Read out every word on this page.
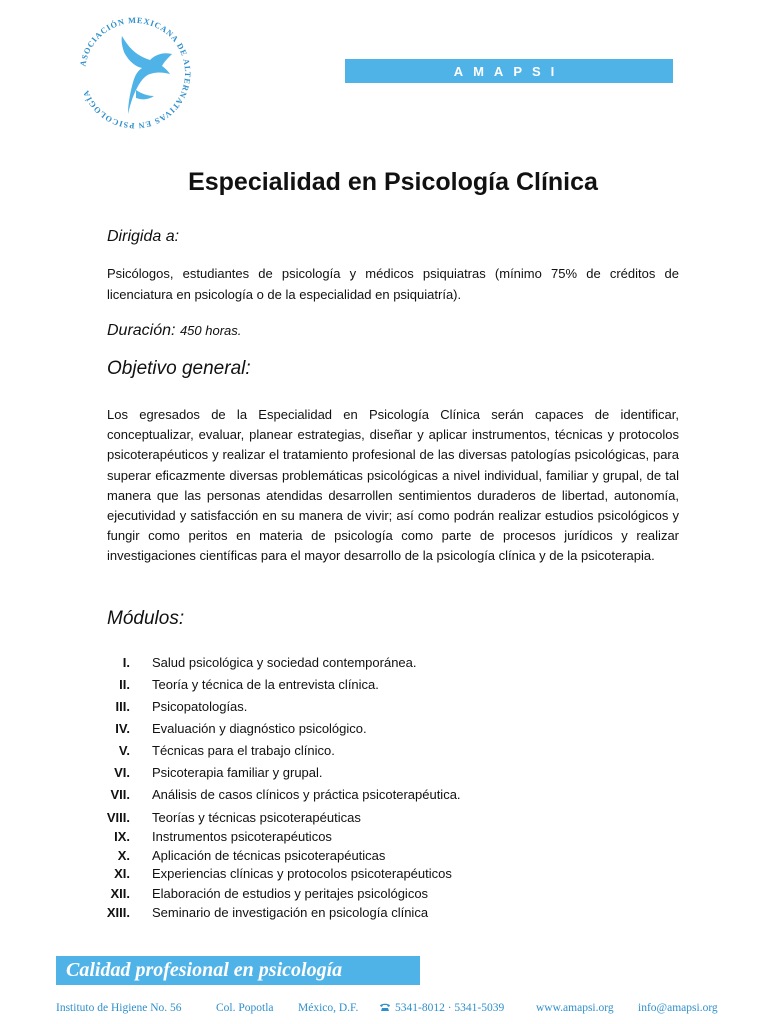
ASOCIACIÓN MEXICANA DE ALTERNATIVAS EN PSICOLOGÍA
AMAPSI
Especialidad en Psicología Clínica
Dirigida a:

Psicólogos, estudiantes de psicología y médicos psiquiatras (mínimo 75% de créditos de licenciatura en psicología o de la especialidad en psiquiatría).

Duración: 450 horas.
Objetivo general:

Los egresados de la Especialidad en Psicología Clínica serán capaces de identificar, conceptualizar, evaluar, planear estrategias, diseñar y aplicar instrumentos, técnicas y protocolos psicoterapéuticos y realizar el tratamiento profesional de las diversas patologías psicológicas, para superar eficazmente diversas problemáticas psicológicas a nivel individual, familiar y grupal, de tal manera que las personas atendidas desarrollen sentimientos duraderos de libertad, autonomía, ejecutividad y satisfacción en su manera de vivir; así como podrán realizar estudios psicológicos y fungir como peritos en materia de psicología como parte de procesos jurídicos y realizar investigaciones científicas para el mayor desarrollo de la psicología clínica y de la psicoterapia.

Módulos:
I. Salud psicológica y sociedad contemporánea.
II. Teoría y técnica de la entrevista clínica.
III. Psicopatologías.
IV. Evaluación y diagnóstico psicológico.
V. Técnicas para el trabajo clínico.
VI. Psicoterapia familiar y grupal.
VII. Análisis de casos clínicos y práctica psicoterapéutica.
VIII. Teorías y técnicas psicoterapéuticas
IX. Instrumentos psicoterapéuticos
X. Aplicación de técnicas psicoterapéuticas
XI. Experiencias clínicas y protocolos psicoterapéuticos
XII. Elaboración de estudios y peritajes psicológicos
XIII. Seminario de investigación en psicología clínica
Calidad profesional en psicología
Instituto de Higiene No. 56	Col. Popotla México, D.F.	5341-8012 · 5341-5039	www.amapsi.org info@amapsi.org
